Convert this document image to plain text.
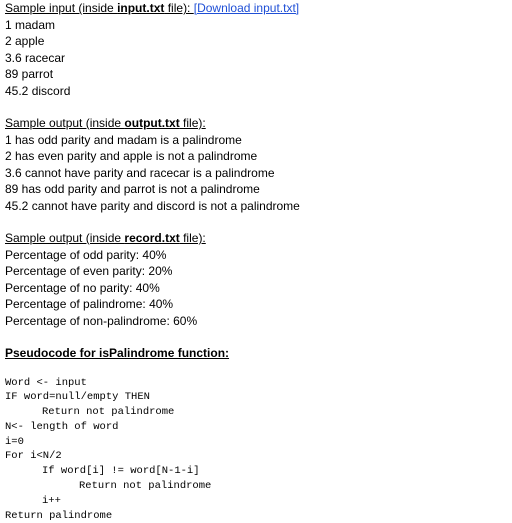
Sample input (inside input.txt file): [Download input.txt]
1 madam
2 apple
3.6 racecar
89 parrot
45.2 discord
Sample output (inside output.txt file):
1 has odd parity and madam is a palindrome
2 has even parity and apple is not a palindrome
3.6 cannot have parity and racecar is a palindrome
89 has odd parity and parrot is not a palindrome
45.2 cannot have parity and discord is not a palindrome
Sample output (inside record.txt file):
Percentage of odd parity: 40%
Percentage of even parity: 20%
Percentage of no parity: 40%
Percentage of palindrome: 40%
Percentage of non-palindrome: 60%
Pseudocode for isPalindrome function:
Word <- input
IF word=null/empty THEN
Return not palindrome
N<- length of word
i=0
For i<N/2
If word[i] != word[N-1-i]
Return not palindrome
i++
Return palindrome
